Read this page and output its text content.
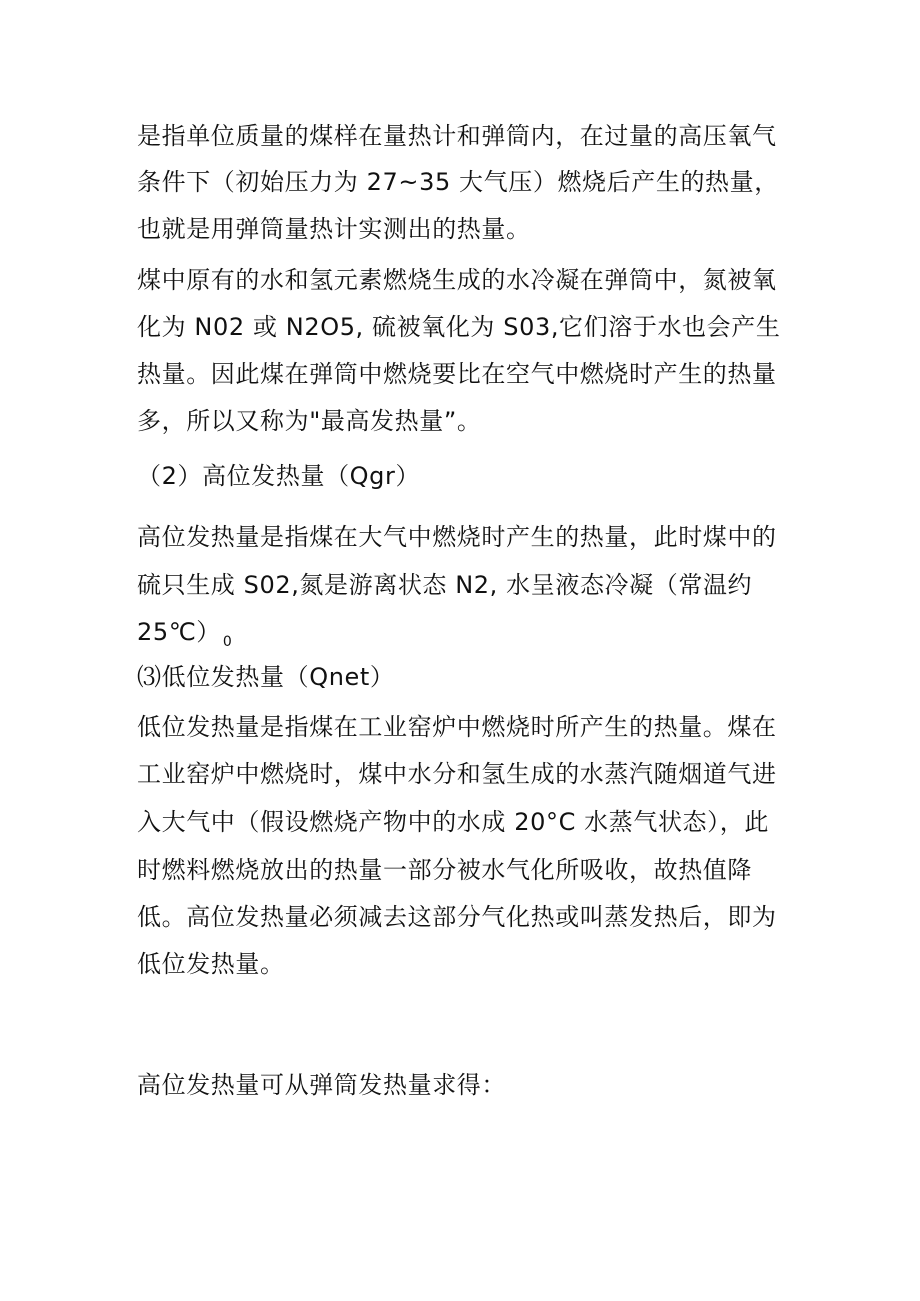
是指单位质量的煤样在量热计和弹筒内，在过量的高压氧气
条件下（初始压力为 27~35 大气压）燃烧后产生的热量，
也就是用弹筒量热计实测出的热量。
煤中原有的水和氢元素燃烧生成的水冷凝在弹筒中，氮被氧
化为 N02 或 N2O5, 硫被氧化为 S03,它们溶于水也会产生
热量。因此煤在弹筒中燃烧要比在空气中燃烧时产生的热量
多，所以又称为"最高发热量”。
（2）高位发热量（Qgr）
高位发热量是指煤在大气中燃烧时产生的热量，此时煤中的
硫只生成 S02,氮是游离状态 N2, 水呈液态冷凝（常温约
25℃） $_0$
⑶低位发热量（Qnet）
低位发热量是指煤在工业窑炉中燃烧时所产生的热量。煤在
工业窑炉中燃烧时，煤中水分和氢生成的水蒸汽随烟道气进
入大气中（假设燃烧产物中的水成 20°C 水蒸气状态），此
时燃料燃烧放出的热量一部分被水气化所吸收，故热值降
低。高位发热量必须减去这部分气化热或叫蒸发热后，即为
低位发热量。
高位发热量可从弹筒发热量求得：
